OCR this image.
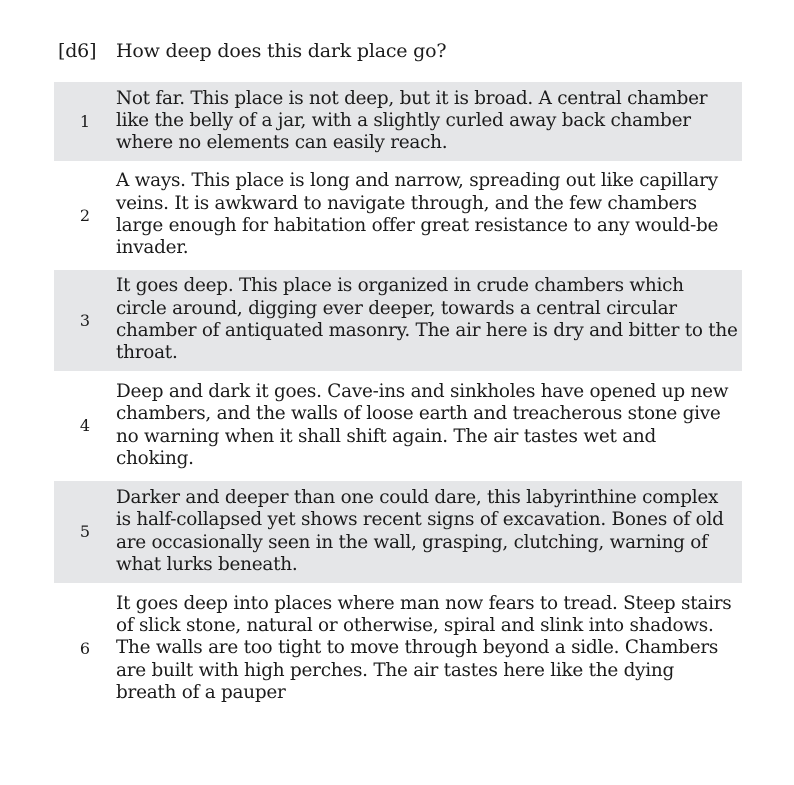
[d6]	How deep does this dark place go?
1
Not far. This place is not deep, but it is broad. A central chamber like the belly of a jar, with a slightly curled away back chamber where no elements can easily reach.
2
A ways. This place is long and narrow, spreading out like capillary veins. It is awkward to navigate through, and the few chambers large enough for habitation offer great resistance to any would-be invader.
3
It goes deep. This place is organized in crude chambers which circle around, digging ever deeper, towards a central circular chamber of antiquated masonry. The air here is dry and bitter to the throat.
4
Deep and dark it goes. Cave-ins and sinkholes have opened up new chambers, and the walls of loose earth and treacherous stone give no warning when it shall shift again. The air tastes wet and choking.
5
Darker and deeper than one could dare, this labyrinthine complex is half-collapsed yet shows recent signs of excavation. Bones of old are occasionally seen in the wall, grasping, clutching, warning of what lurks beneath.
6
It goes deep into places where man now fears to tread. Steep stairs of slick stone, natural or otherwise, spiral and slink into shadows. The walls are too tight to move through beyond a sidle. Chambers are built with high perches. The air tastes here like the dying breath of a pauper
